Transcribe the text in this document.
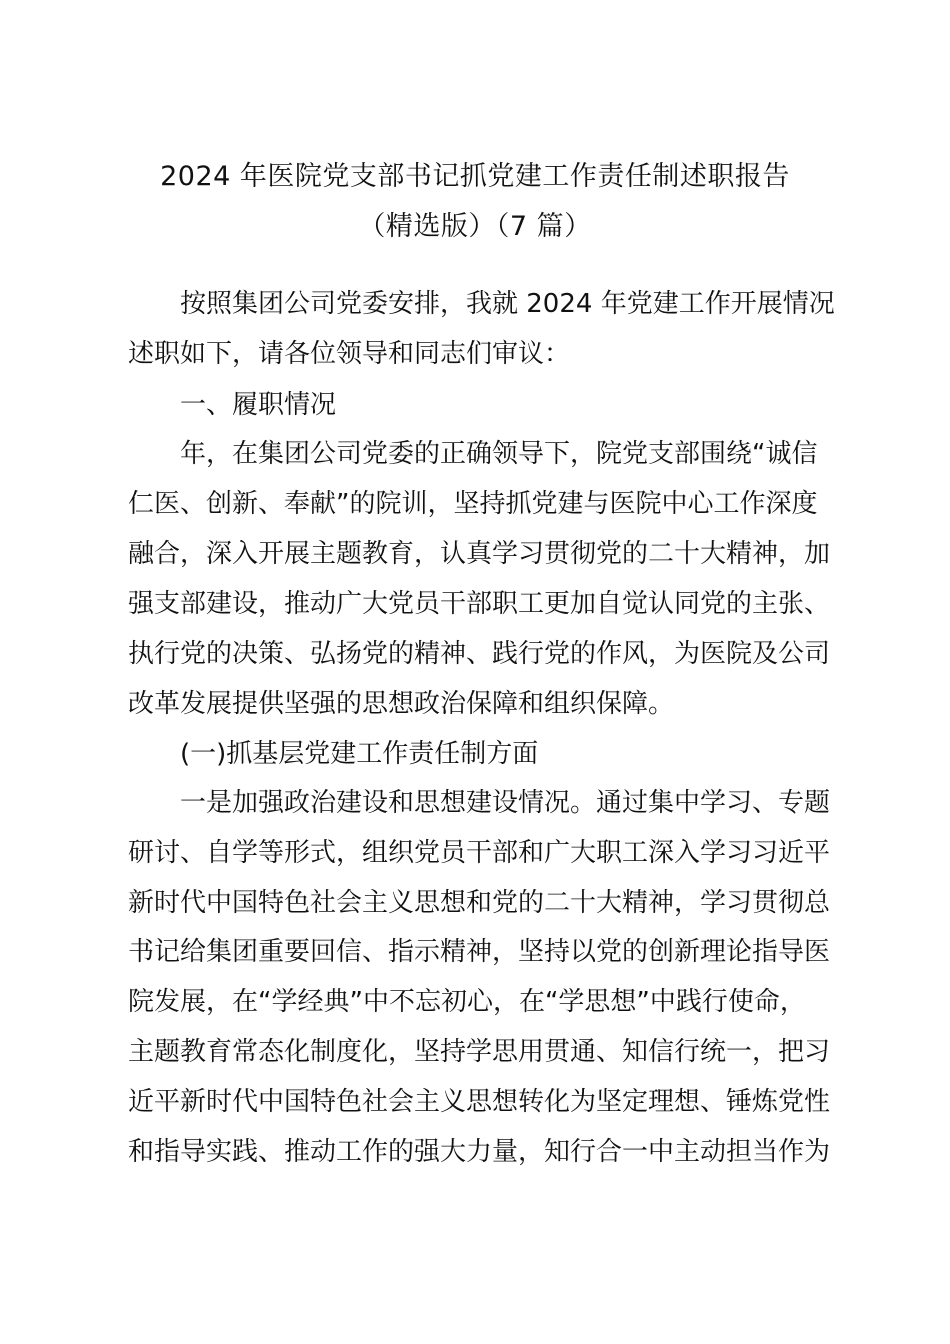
2024 年医院党支部书记抓党建工作责任制述职报告
（精选版）（7 篇）
　　按照集团公司党委安排，我就 2024 年党建工作开展情况
述职如下，请各位领导和同志们审议：
　　一、履职情况
　　年，在集团公司党委的正确领导下，院党支部围绕“诚信
仁医、创新、奉献”的院训，坚持抓党建与医院中心工作深度
融合，深入开展主题教育，认真学习贯彻党的二十大精神，加
强支部建设，推动广大党员干部职工更加自觉认同党的主张、
执行党的决策、弘扬党的精神、践行党的作风，为医院及公司
改革发展提供坚强的思想政治保障和组织保障。
　　(一)抓基层党建工作责任制方面
　　一是加强政治建设和思想建设情况。通过集中学习、专题
研讨、自学等形式，组织党员干部和广大职工深入学习习近平
新时代中国特色社会主义思想和党的二十大精神，学习贯彻总
书记给集团重要回信、指示精神，坚持以党的创新理论指导医
院发展，在“学经典”中不忘初心，在“学思想”中践行使命，
主题教育常态化制度化，坚持学思用贯通、知信行统一，把习
近平新时代中国特色社会主义思想转化为坚定理想、锤炼党性
和指导实践、推动工作的强大力量，知行合一中主动担当作为
